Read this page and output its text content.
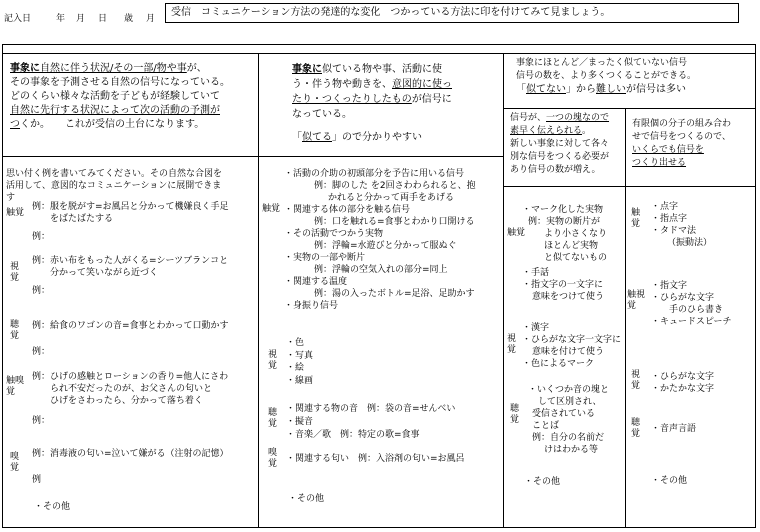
記入日	年 月 日 歳 月
受信　コミュニケーション方法の発達的な変化　つかっている方法に印を付けてみて見ましょう。
事象に自然に伴う状況/その一部/物や事が、
その事象を予測させる自然の信号になっている。
どのくらい様々な活動を子どもが経験していて
自然に先行する状況によって次の活動の予測が
つくか。　　これが受信の土台になります。
事象に似ている物や事、活動に使
う・伴う物や動きを、意図的に使っ
たり・つくったりしたものが信号に
なっている。
「似てる」ので分かりやすい
事象にほとんど／まったく似ていない信号
信号の数を、より多くつくることができる。
「似てない」から難しいが信号は多い
信号が、一つの塊なので
素早く伝えられる。
新しい事象に対して各々
別な信号をつくる必要が
あり信号の数が増え。
有限個の分子の組み合わ
せで信号をつくるので、
いくらでも信号を
つくり出せる
思い付く例を書いてみてください。その自然な合図を
活用して、意図的なコミュニケーションに展開できま
す
触覚
例：服を脱がす=お風呂と分かって機嫌良く手足
をばたばたする
例：
視覚
例：赤い布をもった人がくる=シーツブランコと
分かって笑いながら近づく
例：
聴覚
例：給食のワゴンの音=食事とわかって口動かす
例：
触嗅覚
例：ひげの感触とローションの香り=他人にさわ
られ不安だったのが、お父さんの匂いと
ひげをさわったら、分かって落ち着く
例：
嗅覚
例：消毒液の匂い=泣いて嫌がる（注射の記憶）
例
・その他
触覚
・活動の介助の初頭部分を予告に用いる信号
例：脚のした を2回さわわられると、抱
かれると分かって両手をあげる
・関連する体の部分を触る信号
例：口を触れる=食事とわかり口開ける
・その活動でつかう実物
例：浮輪=水遊びと分かって服ぬぐ
・実物の一部や断片
例：浮輪の空気入れの部分=同上
・関連する温度
例：湯の入ったボトル=足浴、足助かす
・身振り信号
視覚
・色
・写真
・絵
・線画
聴覚
・関連する物の音　例：袋の音=せんべい
・擬音
・音楽／歌　例：特定の歌=食事
嗅覚 ・関連する匂い　例：入浴剤の匂い=お風呂
・その他
触覚
・マーク化した実物
例：実物の断片が
より小さくなり
ほとんど実物
と似てないもの
・手話
・指文字の一文字に
意味をつけて使う
視覚
・漢字
・ひらがな文字一文字に
意味を付けて使う
・色によるマーク
聴覚
・いくつか音の塊と
して区別され、
受信されている
ことば
例：自分の名前だ
けはわかる等
・その他
触覚
・点字
・指点字
・タドマ法
（振動法）
触視覚
・指文字
・ひらがな文字
手のひら書き
・キュードスピーチ
視覚
・ひらがな文字
・かたかな文字
聴覚	・音声言語
・その他
